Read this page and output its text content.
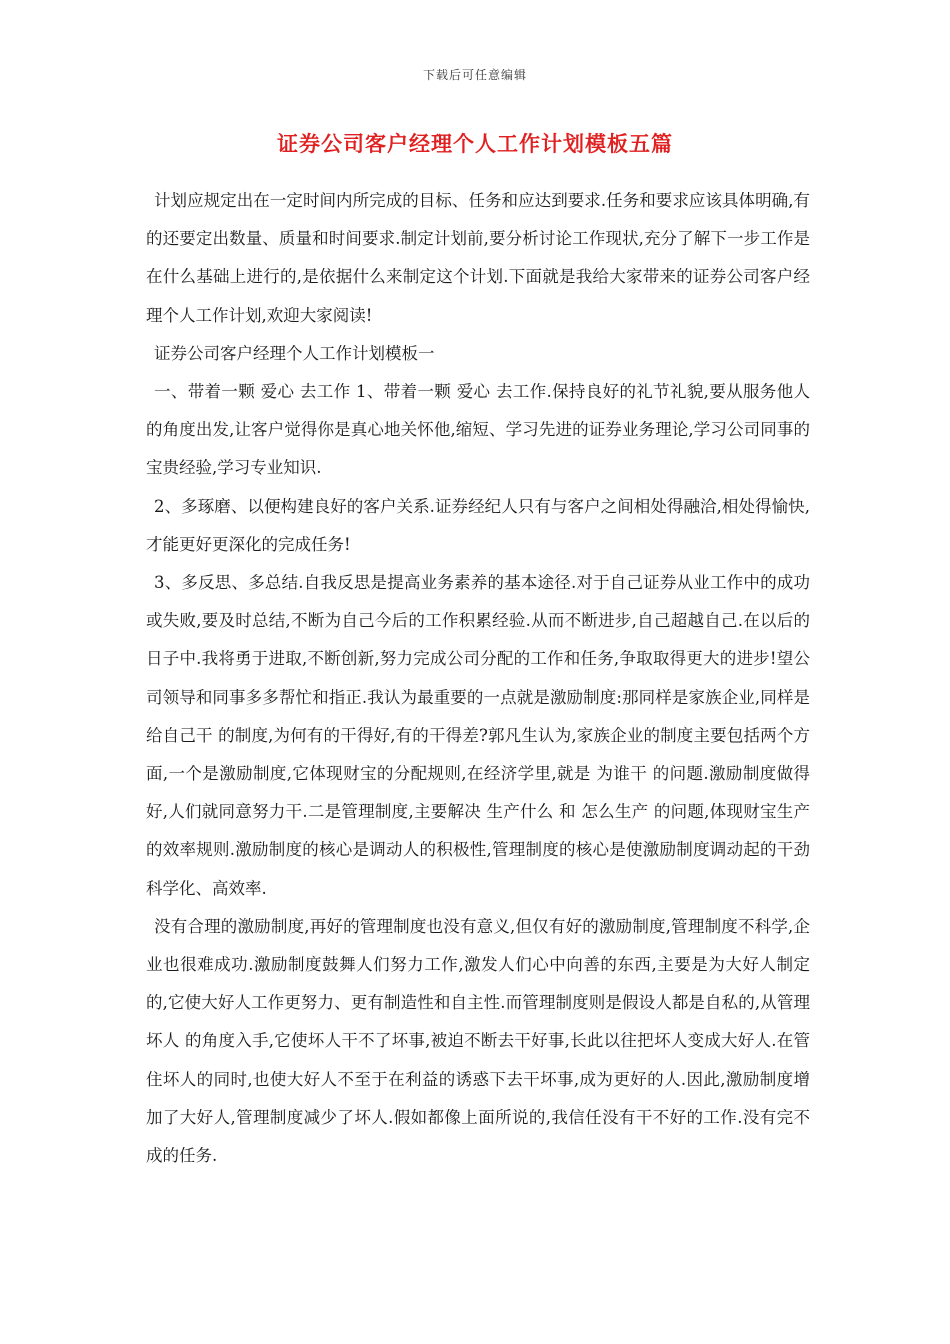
下载后可任意编辑
证券公司客户经理个人工作计划模板五篇

计划应规定出在一定时间内所完成的目标、任务和应达到要求.任务和要求应该具体明确,有的还要定出数量、质量和时间要求.制定计划前,要分析讨论工作现状,充分了解下一步工作是在什么基础上进行的,是依据什么来制定这个计划.下面就是我给大家带来的证券公司客户经理个人工作计划,欢迎大家阅读!

证券公司客户经理个人工作计划模板一

一、带着一颗 爱心 去工作 1、带着一颗 爱心 去工作.保持良好的礼节礼貌,要从服务他人的角度出发,让客户觉得你是真心地关怀他,缩短、学习先进的证券业务理论,学习公司同事的宝贵经验,学习专业知识.

2、多琢磨、以便构建良好的客户关系.证券经纪人只有与客户之间相处得融洽,相处得愉快,才能更好更深化的完成任务!

3、多反思、多总结.自我反思是提高业务素养的基本途径.对于自己证券从业工作中的成功或失败,要及时总结,不断为自己今后的工作积累经验.从而不断进步,自己超越自己.在以后的日子中.我将勇于进取,不断创新,努力完成公司分配的工作和任务,争取取得更大的进步!望公司领导和同事多多帮忙和指正.我认为最重要的一点就是激励制度:那同样是家族企业,同样是 给自己干 的制度,为何有的干得好,有的干得差?郭凡生认为,家族企业的制度主要包括两个方面,一个是激励制度,它体现财宝的分配规则,在经济学里,就是 为谁干 的问题.激励制度做得好,人们就同意努力干.二是管理制度,主要解决 生产什么 和 怎么生产 的问题,体现财宝生产的效率规则.激励制度的核心是调动人的积极性,管理制度的核心是使激励制度调动起的干劲科学化、高效率.

没有合理的激励制度,再好的管理制度也没有意义,但仅有好的激励制度,管理制度不科学,企业也很难成功.激励制度鼓舞人们努力工作,激发人们心中向善的东西,主要是为大好人制定的,它使大好人工作更努力、更有制造性和自主性.而管理制度则是假设人都是自私的,从管理 坏人 的角度入手,它使坏人干不了坏事,被迫不断去干好事,长此以往把坏人变成大好人.在管住坏人的同时,也使大好人不至于在利益的诱惑下去干坏事,成为更好的人.因此,激励制度增加了大好人,管理制度减少了坏人.假如都像上面所说的,我信任没有干不好的工作.没有完不成的任务.
